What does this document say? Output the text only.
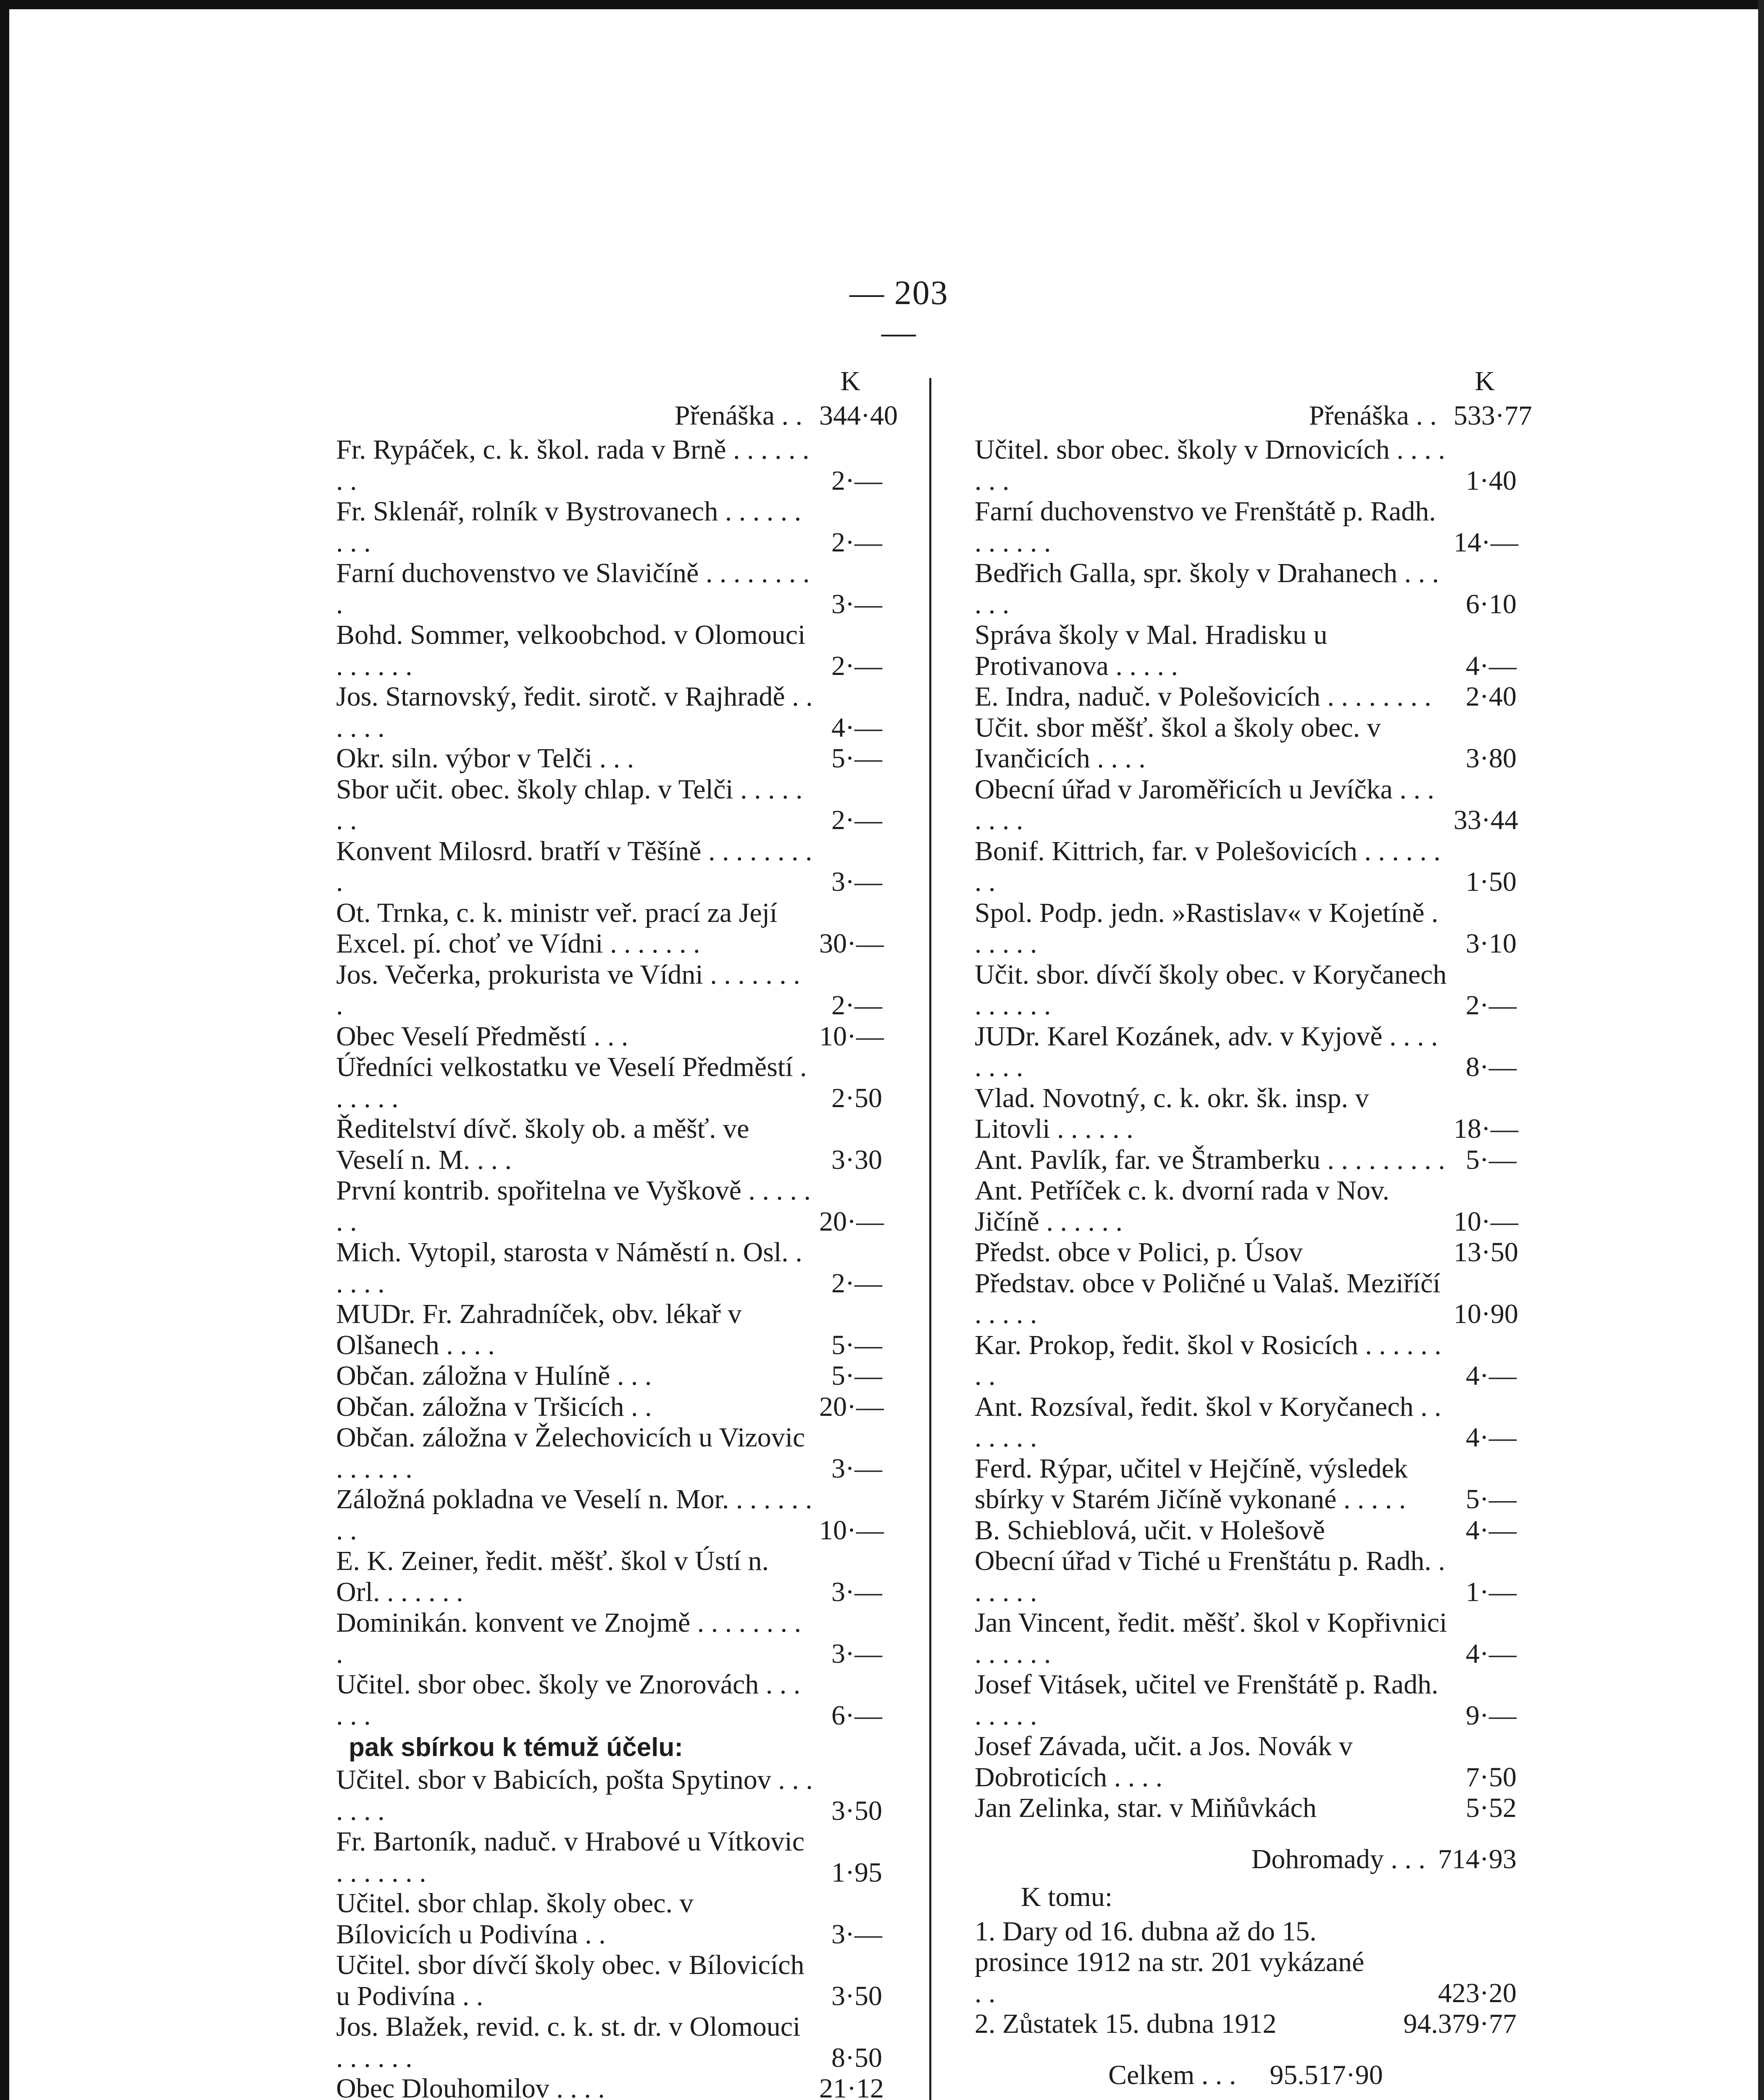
— 203 —
K
Přenáška . . 344·40
Fr. Rypáček, c. k. škol. rada v Brně . . . . . . . .	2·—
Fr. Sklenář, rolník v Bystrovanech . . . . . . . . .	2·—
Farní duchovenstvo ve Slavičíně . . . . . . . . .	3·—
Bohd. Sommer, velkoobchod. v Olomouci . . . . . .	2·—
Jos. Starnovský, ředit. sirotč. v Rajhradě . . . . . .	4·—
Okr. siln. výbor v Telči . . .	5·—
Sbor učit. obec. školy chlap. v Telči . . . . . . .	2·—
Konvent Milosrd. bratří v Těšíně . . . . . . . . .	3·—
Ot. Trnka, c. k. ministr veř. prací za Její Excel. pí. choť ve Vídni . . . . . . .	30·—
Jos. Večerka, prokurista ve Vídni . . . . . . . .	2·—
Obec Veselí Předměstí . . .	10·—
Úředníci velkostatku ve Veselí Předměstí . . . . . .	2·50
Ředitelství dívč. školy ob. a měšť. ve Veselí n. M. . . .	3·30
První kontrib. spořitelna ve Vyškově . . . . . . .	20·—
Mich. Vytopil, starosta v Náměstí n. Osl. . . . . .	2·—
MUDr. Fr. Zahradníček, obv. lékař v Olšanech . . . .	5·—
Občan. záložna v Hulíně . . .	5·—
Občan. záložna v Tršicích . .	20·—
Občan. záložna v Želechovicích u Vizovic . . . . . .	3·—
Záložná pokladna ve Veselí n. Mor. . . . . . . . .	10·—
E. K. Zeiner, ředit. měšť. škol v Ústí n. Orl. . . . . . .	3·—
Dominikán. konvent ve Znojmě . . . . . . . . .	3·—
Učitel. sbor obec. školy ve Znorovách . . . . . .	6·—
pak sbírkou k témuž účelu:
Učitel. sbor v Babicích, pošta Spytinov . . . . . . .	3·50
Fr. Bartoník, naduč. v Hrabové u Vítkovic . . . . . . .	1·95
Učitel. sbor chlap. školy obec. v Bílovicích u Podivína . .	3·—
Učitel. sbor dívčí školy obec. v Bílovicích u Podivína . .	3·50
Jos. Blažek, revid. c. k. st. dr. v Olomouci . . . . . .	8·50
Obec Dlouhomilov . . . .	21·12
K
Přenáška . . 533·77
Učitel. sbor obec. školy v Drnovicích . . . . . . .	1·40
Farní duchovenstvo ve Frenštátě p. Radh. . . . . . .	14·—
Bedřich Galla, spr. školy v Drahanech . . . . . .	6·10
Správa školy v Mal. Hradisku u Protivanova . . . . .	4·—
E. Indra, naduč. v Polešovicích . . . . . . . .	2·40
Učit. sbor měšť. škol a školy obec. v Ivančicích . . . .	3·80
Obecní úřad v Jaroměřicích u Jevíčka . . . . . . .	33·44
Bonif. Kittrich, far. v Polešovicích . . . . . . . .	1·50
Spol. Podp. jedn. »Rastislav« v Kojetíně . . . . . .	3·10
Učit. sbor. dívčí školy obec. v Koryčanech . . . . . .	2·—
JUDr. Karel Kozánek, adv. v Kyjově . . . . . . . .	8·—
Vlad. Novotný, c. k. okr. šk. insp. v Litovli . . . . . .	18·—
Ant. Pavlík, far. ve Štramberku . . . . . . . . . 5·—
Ant. Petříček c. k. dvorní rada v Nov. Jičíně . . . . . .	10·—
Předst. obce v Polici, p. Úsov	13·50
Představ. obce v Poličné u Valaš. Meziříčí . . . . .	10·90
Kar. Prokop, ředit. škol v Rosicích . . . . . . . .	4·—
Ant. Rozsíval, ředit. škol v Koryčanech . . . . . . .	4·—
Ferd. Rýpar, učitel v Hejčíně, výsledek sbírky v Starém Jičíně vykonané . . . . .	5·—
B. Schieblová, učit. v Holešově	4·—
Obecní úřad v Tiché u Frenštátu p. Radh. . . . . . .	1·—
Jan Vincent, ředit. měšť. škol v Kopřivnici . . . . . .	4·—
Josef Vitásek, učitel ve Frenštátě p. Radh. . . . . .	9·—
Josef Závada, učit. a Jos. Novák v Dobroticích . . . .	7·50
Jan Zelinka, star. v Miňůvkách	5·52
Dohromady . . . 714·93
K tomu:
1. Dary od 16. dubna až do 15. prosince 1912 na str. 201 vykázané . .	423·20
2. Zůstatek 15. dubna 1912	94.379·77
Celkem . . . 95.517·90
